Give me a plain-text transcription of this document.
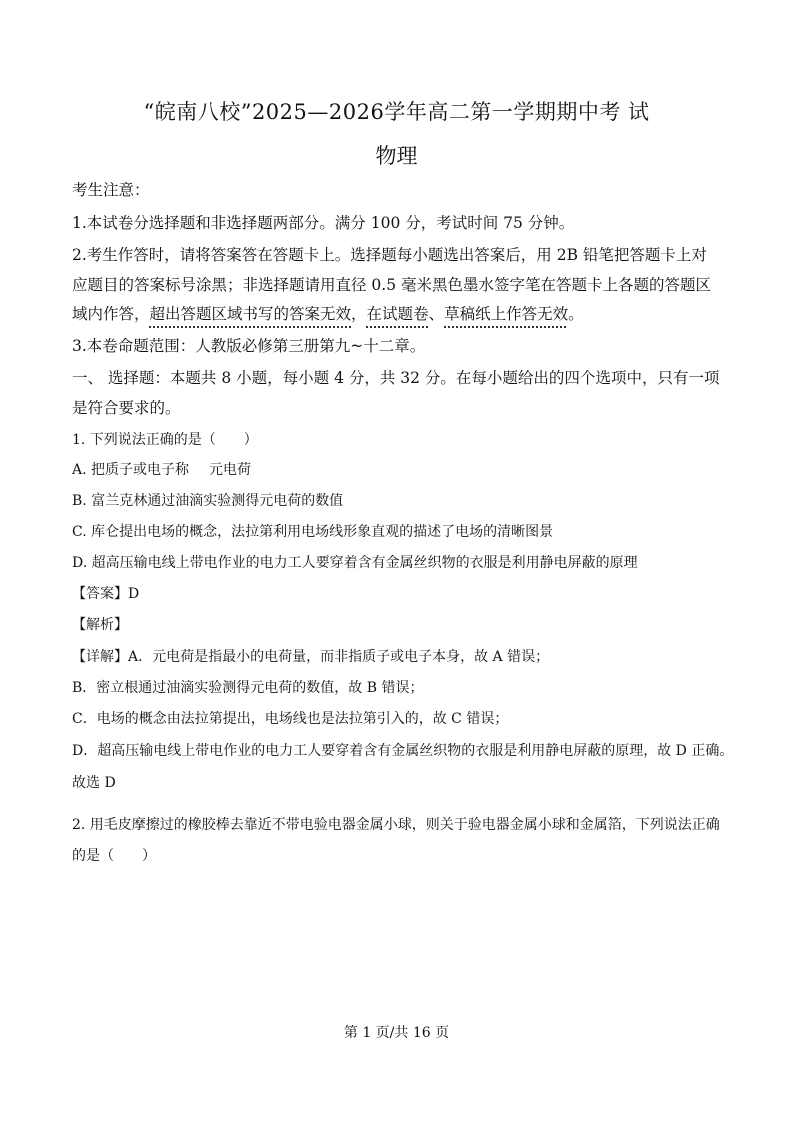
“皖南八校”2025—2026学年高二第一学期期中考 试
物理
考生注意：
1.本试卷分选择题和非选择题两部分。满分 100 分，考试时间 75 分钟。
2.考生作答时，请将答案答在答题卡上。选择题每小题选出答案后，用 2B 铅笔把答题卡上对
应题目的答案标号涂黑；非选择题请用直径 0.5 毫米黑色墨水签字笔在答题卡上各题的答题区
域内作答，超出答题区域书写的答案无效，在试题卷、草稿纸上作答无效。
3.本卷命题范围：人教版必修第三册第九~十二章。
一、 选择题：本题共 8 小题，每小题 4 分，共 32 分。在每小题给出的四个选项中，只有一项
是符合要求的。
1. 下列说法正确的是（　　）
A. 把质子或电子称 元电荷
B. 富兰克林通过油滴实验测得元电荷的数值
C. 库仑提出电场的概念，法拉第利用电场线形象直观的描述了电场的清晰图景
D. 超高压输电线上带电作业的电力工人要穿着含有金属丝织物的衣服是利用静电屏蔽的原理
【答案】D
【解析】
【详解】A．元电荷是指最小的电荷量，而非指质子或电子本身，故 A 错误；
B．密立根通过油滴实验测得元电荷的数值，故 B 错误；
C．电场的概念由法拉第提出，电场线也是法拉第引入的，故 C 错误；
D．超高压输电线上带电作业的电力工人要穿着含有金属丝织物的衣服是利用静电屏蔽的原理，故 D 正确。
故选 D
2. 用毛皮摩擦过的橡胶棒去靠近不带电验电器金属小球，则关于验电器金属小球和金属箔，下列说法正确
的是（　　）
第 1 页/共 16 页
